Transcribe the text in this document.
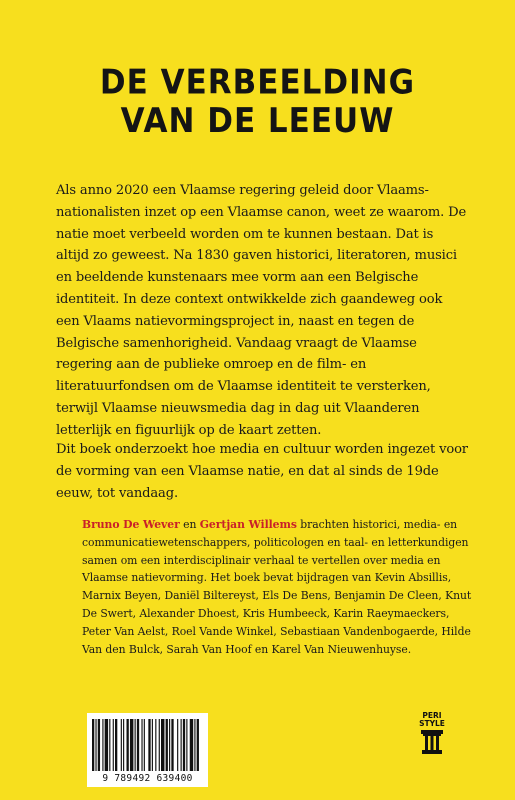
DE VERBEELDING
VAN DE LEEUW

Als anno 2020 een Vlaamse regering geleid door Vlaams-nationalisten inzet op een Vlaamse canon, weet ze waarom. De natie moet verbeeld worden om te kunnen bestaan. Dat is altijd zo geweest. Na 1830 gaven historici, literatoren, musici en beeldende kunstenaars mee vorm aan een Belgische identiteit. In deze context ontwikkelde zich gaandeweg ook een Vlaams natievormingsproject in, naast en tegen de Belgische samenhorigheid. Vandaag vraagt de Vlaamse regering aan de publieke omroep en de film- en literatuurfondsen om de Vlaamse identiteit te versterken, terwijl Vlaamse nieuwsmedia dag in dag uit Vlaanderen letterlijk en figuurlijk op de kaart zetten.

Dit boek onderzoekt hoe media en cultuur worden ingezet voor de vorming van een Vlaamse natie, en dat al sinds de 19de eeuw, tot vandaag.

Bruno De Wever en Gertjan Willems brachten historici, media- en communicatiewetenschappers, politicologen en taal- en letterkundigen samen om een interdisciplinair verhaal te vertellen over media en Vlaamse natievorming. Het boek bevat bijdragen van Kevin Absillis, Marnix Beyen, Daniël Biltereyst, Els De Bens, Benjamin De Cleen, Knut De Swert, Alexander Dhoest, Kris Humbeeck, Karin Raeymaeckers, Peter Van Aelst, Roel Vande Winkel, Sebastiaan Vandenbogaerde, Hilde Van den Bulck, Sarah Van Hoof en Karel Van Nieuwenhuyse.

9 789492 639400
PERI
STYLE
